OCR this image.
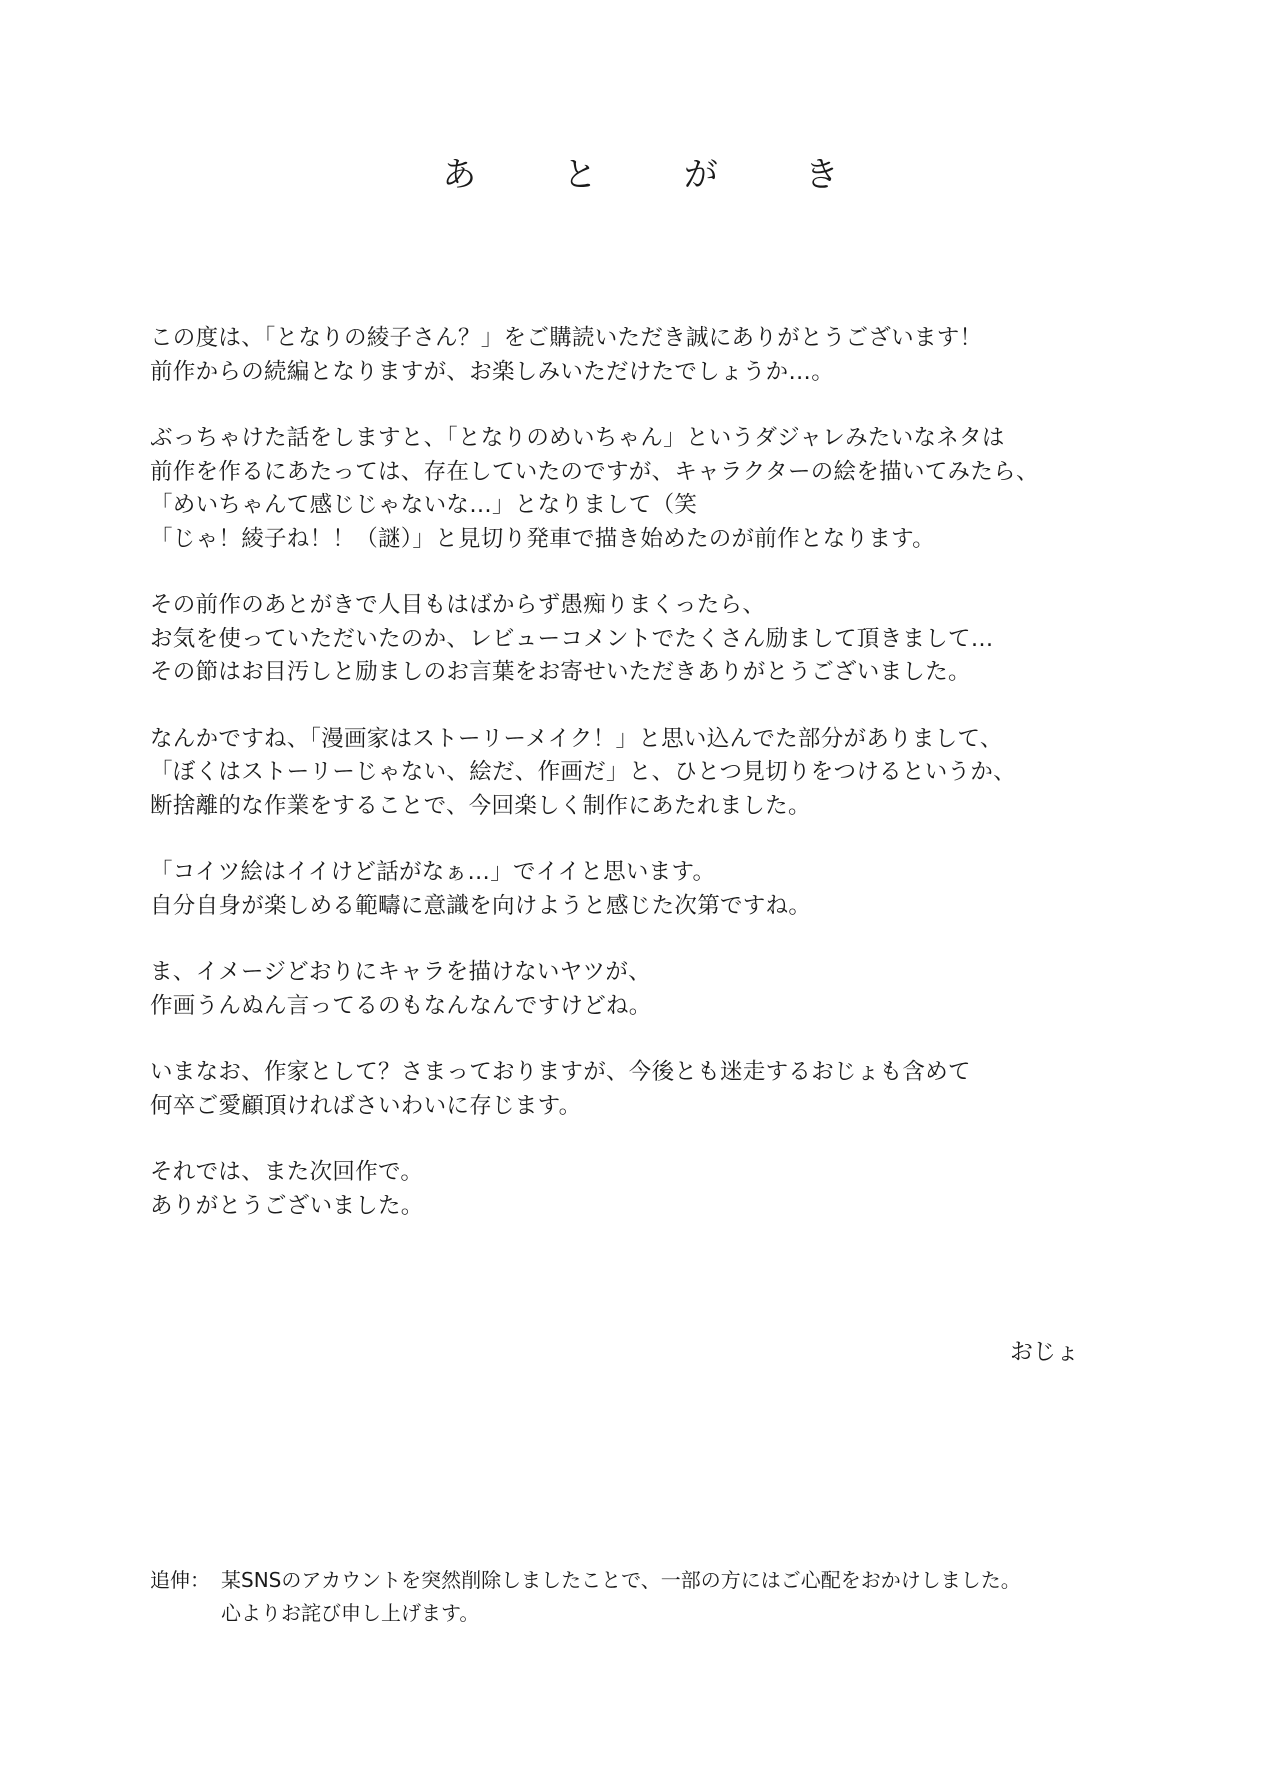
あ と が き
この度は、「となりの綾子さん？」をご購読いただき誠にありがとうございます！
前作からの続編となりますが、お楽しみいただけたでしょうか…。
ぶっちゃけた話をしますと、「となりのめいちゃん」というダジャレみたいなネタは
前作を作るにあたっては、存在していたのですが、キャラクターの絵を描いてみたら、
「めいちゃんて感じじゃないな…」となりまして（笑
「じゃ！綾子ね！！（謎）」と見切り発車で描き始めたのが前作となります。
その前作のあとがきで人目もはばからず愚痴りまくったら、
お気を使っていただいたのか、レビューコメントでたくさん励まして頂きまして…
その節はお目汚しと励ましのお言葉をお寄せいただきありがとうございました。
なんかですね、「漫画家はストーリーメイク！」と思い込んでた部分がありまして、
「ぼくはストーリーじゃない、絵だ、作画だ」と、ひとつ見切りをつけるというか、
断捨離的な作業をすることで、今回楽しく制作にあたれました。
「コイツ絵はイイけど話がなぁ…」でイイと思います。
自分自身が楽しめる範疇に意識を向けようと感じた次第ですね。
ま、イメージどおりにキャラを描けないヤツが、
作画うんぬん言ってるのもなんなんですけどね。
いまなお、作家として？さまっておりますが、今後とも迷走するおじょも含めて
何卒ご愛顧頂ければさいわいに存じます。
それでは、また次回作で。
ありがとうございました。
おじょ
追伸： 某SNSのアカウントを突然削除しましたことで、一部の方にはご心配をおかけしました。
心よりお詫び申し上げます。
